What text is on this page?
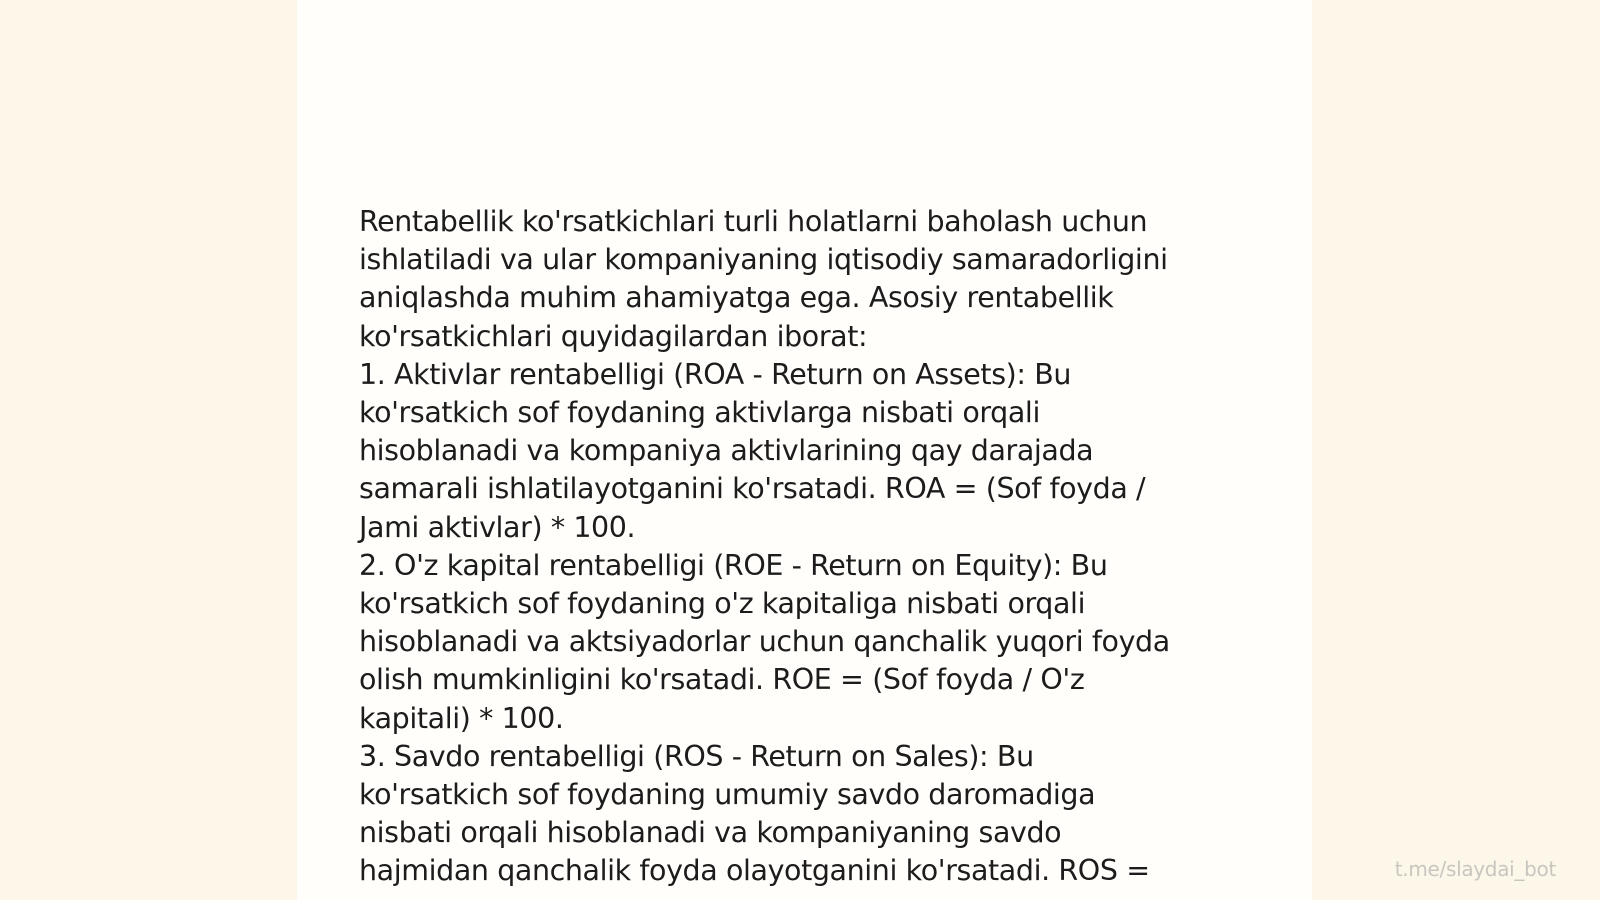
Rentabellik ko'rsatkichlari turli holatlarni baholash uchun
ishlatiladi va ular kompaniyaning iqtisodiy samaradorligini
aniqlashda muhim ahamiyatga ega. Asosiy rentabellik
ko'rsatkichlari quyidagilardan iborat:
1. Aktivlar rentabelligi (ROA - Return on Assets): Bu
ko'rsatkich sof foydaning aktivlarga nisbati orqali
hisoblanadi va kompaniya aktivlarining qay darajada
samarali ishlatilayotganini ko'rsatadi. ROA = (Sof foyda /
Jami aktivlar) * 100.
2. O'z kapital rentabelligi (ROE - Return on Equity): Bu
ko'rsatkich sof foydaning o'z kapitaliga nisbati orqali
hisoblanadi va aktsiyadorlar uchun qanchalik yuqori foyda
olish mumkinligini ko'rsatadi. ROE = (Sof foyda / O'z
kapitali) * 100.
3. Savdo rentabelligi (ROS - Return on Sales): Bu
ko'rsatkich sof foydaning umumiy savdo daromadiga
nisbati orqali hisoblanadi va kompaniyaning savdo
hajmidan qanchalik foyda olayotganini ko'rsatadi. ROS =	t.me/slaydai_bot
